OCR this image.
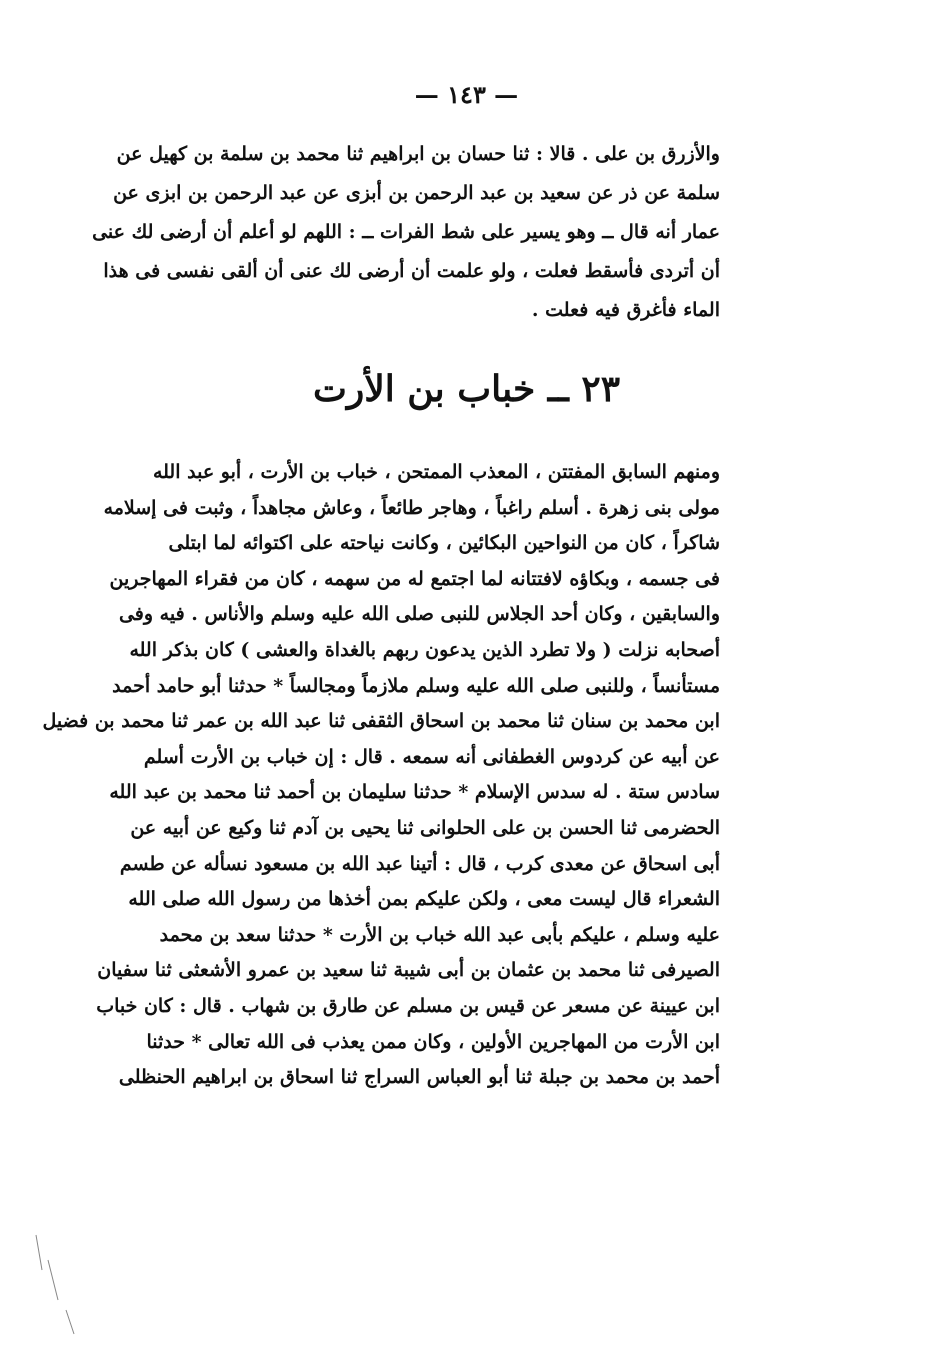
— ١٤٣ —
والأزرق بن على . قالا : ثنا حسان بن ابراهيم ثنا محمد بن سلمة بن كهيل عن
سلمة عن ذر عن سعيد بن عبد الرحمن بن أبزى عن عبد الرحمن بن ابزى عن
عمار أنه قال ــ وهو يسير على شط الفرات ــ : اللهم لو أعلم أن أرضى لك عنى
أن أتردى فأسقط فعلت ، ولو علمت أن أرضى لك عنى أن ألقى نفسى فى هذا
الماء فأغرق فيه فعلت .
٢٣ ــ خباب بن الأرت
ومنهم السابق المفتتن ، المعذب الممتحن ، خباب بن الأرت ، أبو عبد الله
مولى بنى زهرة . أسلم راغباً ، وهاجر طائعاً ، وعاش مجاهداً ، وثبت فى إسلامه
شاكراً ، كان من النواحين البكائين ، وكانت نياحته على اكتوائه لما ابتلى
فى جسمه ، وبكاؤه لافتتانه لما اجتمع له من سهمه ، كان من فقراء المهاجرين
والسابقين ، وكان أحد الجلاس للنبى صلى الله عليه وسلم والأناس . فيه وفى
أصحابه نزلت ( ولا تطرد الذين يدعون ربهم بالغداة والعشى ) كان بذكر الله
مستأنساً ، وللنبى صلى الله عليه وسلم ملازماً ومجالساً * حدثنا أبو حامد أحمد
ابن محمد بن سنان ثنا محمد بن اسحاق الثقفى ثنا عبد الله بن عمر ثنا محمد بن فضيل
عن أبيه عن كردوس الغطفانى أنه سمعه . قال : إن خباب بن الأرت أسلم
سادس ستة . له سدس الإسلام * حدثنا سليمان بن أحمد ثنا محمد بن عبد الله
الحضرمى ثنا الحسن بن على الحلوانى ثنا يحيى بن آدم ثنا وكيع عن أبيه عن
أبى اسحاق عن معدى كرب ، قال : أتينا عبد الله بن مسعود نسأله عن طسم
الشعراء قال ليست معى ، ولكن عليكم بمن أخذها من رسول الله صلى الله
عليه وسلم ، عليكم بأبى عبد الله خباب بن الأرت * حدثنا سعد بن محمد
الصيرفى ثنا محمد بن عثمان بن أبى شيبة ثنا سعيد بن عمرو الأشعثى ثنا سفيان
ابن عيينة عن مسعر عن قيس بن مسلم عن طارق بن شهاب . قال : كان خباب
ابن الأرت من المهاجرين الأولين ، وكان ممن يعذب فى الله تعالى * حدثنا
أحمد بن محمد بن جبلة ثنا أبو العباس السراج ثنا اسحاق بن ابراهيم الحنظلى
